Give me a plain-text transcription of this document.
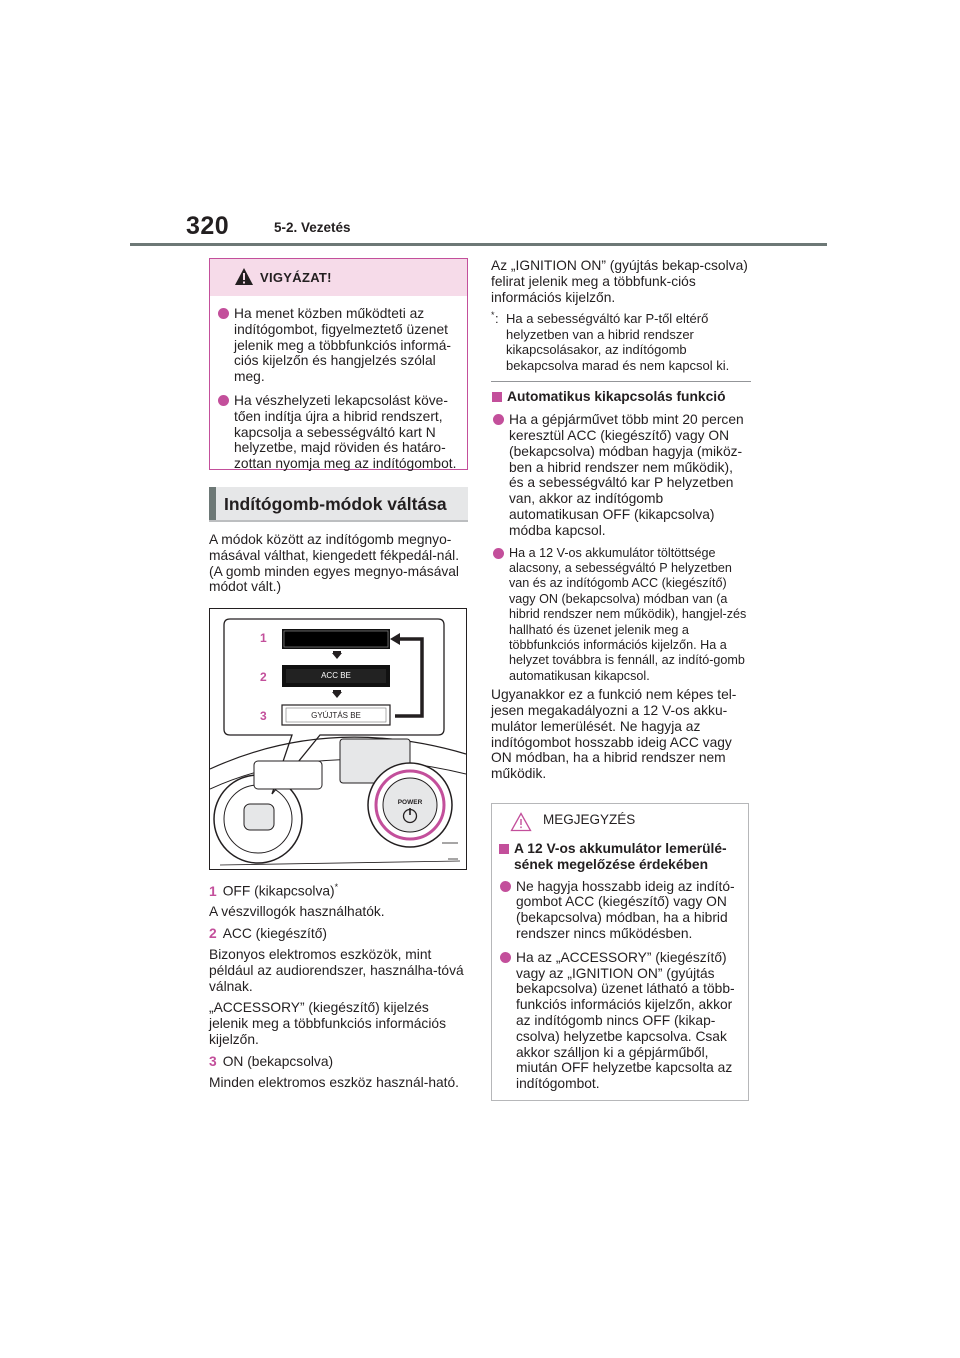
320	5-2. Vezetés
VIGYÁZAT!
Ha menet közben működteti az indítógombot, figyelmeztető üzenet jelenik meg a többfunkciós informá-ciós kijelzőn és hangjelzés szólal meg.
Ha vészhelyzeti lekapcsolást köve-tően indítja újra a hibrid rendszert, kapcsolja a sebességváltó kart N helyzetbe, majd röviden és határo-zottan nyomja meg az indítógombot.
Indítógomb-módok váltása

A módok között az indítógomb megnyo-másával válthat, kiengedett fékpedál-nál. (A gomb minden egyes megnyo-másával módot vált.)

1
2
3
ACC BE
GYÚJTÁS BE
POWER

1 OFF (kikapcsolva)*

A vészvillogók használhatók.

2 ACC (kiegészítő)

Bizonyos elektromos eszközök, mint például az audiorendszer, használha-tóvá válnak.

„ACCESSORY” (kiegészítő) kijelzés jelenik meg a többfunkciós információs kijelzőn.

3 ON (bekapcsolva)

Minden elektromos eszköz használ-ható.

Az „IGNITION ON” (gyújtás bekap-csolva) felirat jelenik meg a többfunk-ciós információs kijelzőn.

* : Ha a sebességváltó kar P-től eltérő helyzetben van a hibrid rendszer kikapcsolásakor, az indítógomb bekapcsolva marad és nem kapcsol ki.
Automatikus kikapcsolás funkció
Ha a gépjárművet több mint 20 percen keresztül ACC (kiegészítő) vagy ON (bekapcsolva) módban hagyja (miköz-ben a hibrid rendszer nem működik), és a sebességváltó kar P helyzetben van, akkor az indítógomb automatikusan OFF (kikapcsolva) módba kapcsol.
Ha a 12 V-os akkumulátor töltöttsége alacsony, a sebességváltó P helyzetben van és az indítógomb ACC (kiegészítő) vagy ON (bekapcsolva) módban van (a hibrid rendszer nem működik), hangjel-zés hallható és üzenet jelenik meg a többfunkciós információs kijelzőn. Ha a helyzet továbbra is fennáll, az indító-gomb automatikusan kikapcsol.

Ugyanakkor ez a funkció nem képes tel-jesen megakadályozni a 12 V-os akku-mulátor lemerülését. Ne hagyja az indítógombot hosszabb ideig ACC vagy ON módban, ha a hibrid rendszer nem működik.

MEGJEGYZÉS
A 12 V-os akkumulátor lemerülé-sének megelőzése érdekében
Ne hagyja hosszabb ideig az indító-gombot ACC (kiegészítő) vagy ON (bekapcsolva) módban, ha a hibrid rendszer nincs működésben.
Ha az „ACCESSORY” (kiegészítő) vagy az „IGNITION ON” (gyújtás bekapcsolva) üzenet látható a több-funkciós információs kijelzőn, akkor az indítógomb nincs OFF (kikap-csolva) helyzetbe kapcsolva. Csak akkor szálljon ki a gépjárműből, miután OFF helyzetbe kapcsolta az indítógombot.
